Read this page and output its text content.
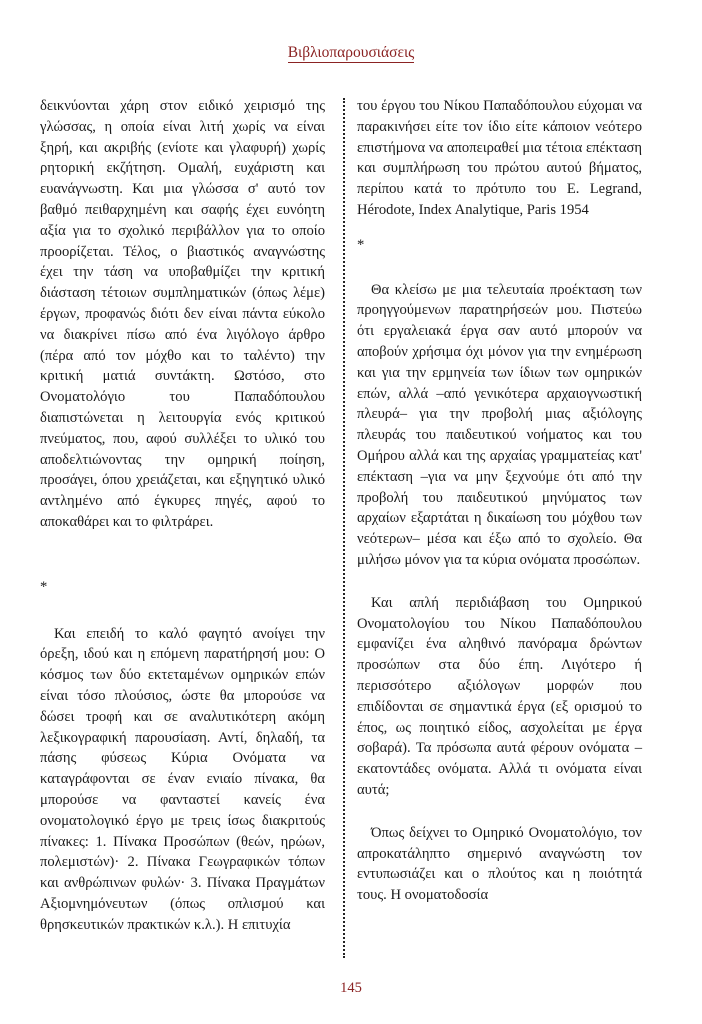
Βιβλιοπαρουσιάσεις

δεικνύονται χάρη στον ειδικό χειρισμό της γλώσσας, η οποία είναι λιτή χωρίς να είναι ξηρή, και ακριβής (ενίοτε και γλαφυρή) χωρίς ρητορική εκζήτηση. Ομαλή, ευχάριστη και ευανάγνωστη. Και μια γλώσσα σ' αυτό τον βαθμό πειθαρχημένη και σαφής έχει ευνόητη αξία για το σχολικό περιβάλλον για το οποίο προορίζεται. Τέλος, ο βιαστικός αναγνώστης έχει την τάση να υποβαθμίζει την κριτική διάσταση τέτοιων συμπληματικών (όπως λέμε) έργων, προφανώς διότι δεν είναι πάντα εύκολο να διακρίνει πίσω από ένα λιγόλογο άρθρο (πέρα από τον μόχθο και το ταλέντο) την κριτική ματιά συντάκτη. Ωστόσο, στο Ονοματολόγιο του Παπαδόπουλου διαπιστώνεται η λειτουργία ενός κριτικού πνεύματος, που, αφού συλλέξει το υλικό του αποδελτιώνοντας την ομηρική ποίηση, προσάγει, όπου χρειάζεται, και εξηγητικό υλικό αντλημένο από έγκυρες πηγές, αφού το αποκαθάρει και το φιλτράρει.

*

Και επειδή το καλό φαγητό ανοίγει την όρεξη, ιδού και η επόμενη παρατήρησή μου: Ο κόσμος των δύο εκτεταμένων ομηρικών επών είναι τόσο πλούσιος, ώστε θα μπορούσε να δώσει τροφή και σε αναλυτικότερη ακόμη λεξικογραφική παρουσίαση. Αντί, δηλαδή, τα πάσης φύσεως Κύρια Ονόματα να καταγράφονται σε έναν ενιαίο πίνακα, θα μπορούσε να φανταστεί κανείς ένα ονοματολογικό έργο με τρεις ίσως διακριτούς πίνακες: 1. Πίνακα Προσώπων (θεών, ηρώων, πολεμιστών)· 2. Πίνακα Γεωγραφικών τόπων και ανθρώπινων φυλών· 3. Πίνακα Πραγμάτων Αξιομνημόνευτων (όπως οπλισμού και θρησκευτικών πρακτικών κ.λ.). Η επιτυχία

του έργου του Νίκου Παπαδόπουλου εύχομαι να παρακινήσει είτε τον ίδιο είτε κάποιον νεότερο επιστήμονα να αποπειραθεί μια τέτοια επέκταση και συμπλήρωση του πρώτου αυτού βήματος, περίπου κατά το πρότυπο του E. Legrand, Hérodote, Index Analytique, Paris 1954

*

Θα κλείσω με μια τελευταία προέκταση των προηγγούμενων παρατηρήσεών μου. Πιστεύω ότι εργαλειακά έργα σαν αυτό μπορούν να αποβούν χρήσιμα όχι μόνον για την ενημέρωση και για την ερμηνεία των ίδιων των ομηρικών επών, αλλά –από γενικότερα αρχαιογνωστική πλευρά– για την προβολή μιας αξιόλογης πλευράς του παιδευτικού νοήματος και του Ομήρου αλλά και της αρχαίας γραμματείας κατ' επέκταση –για να μην ξεχνούμε ότι από την προβολή του παιδευτικού μηνύματος των αρχαίων εξαρτάται η δικαίωση του μόχθου των νεότερων– μέσα και έξω από το σχολείο. Θα μιλήσω μόνον για τα κύρια ονόματα προσώπων.

Και απλή περιδιάβαση του Ομηρικού Ονοματολογίου του Νίκου Παπαδόπουλου εμφανίζει ένα αληθινό πανόραμα δρώντων προσώπων στα δύο έπη. Λιγότερο ή περισσότερο αξιόλογων μορφών που επιδίδονται σε σημαντικά έργα (εξ ορισμού το έπος, ως ποιητικό είδος, ασχολείται με έργα σοβαρά). Τα πρόσωπα αυτά φέρουν ονόματα –εκατοντάδες ονόματα. Αλλά τι ονόματα είναι αυτά;

Όπως δείχνει το Ομηρικό Ονοματολόγιο, τον απροκατάληπτο σημερινό αναγνώστη τον εντυπωσιάζει και ο πλούτος και η ποιότητά τους. Η ονοματοδοσία

145
